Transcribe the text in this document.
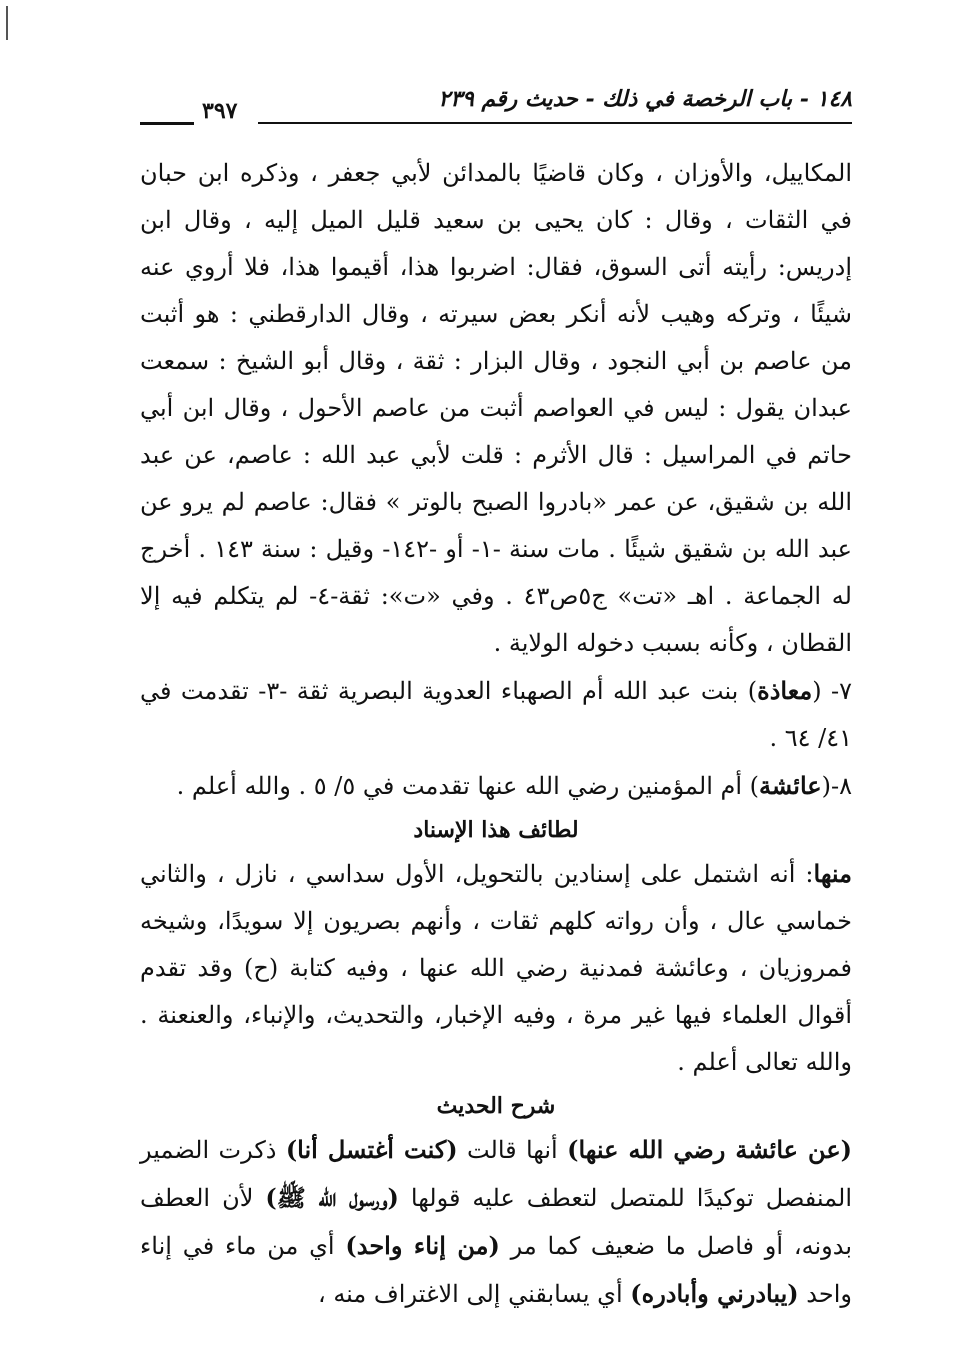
١٤٨ - باب الرخصة في ذلك - حديث رقم ٢٣٩
٣٩٧

المكاييل، والأوزان ، وكان قاضيًا بالمدائن لأبي جعفر ، وذكره ابن حبان في الثقات ، وقال : كان يحيى بن سعيد قليل الميل إليه ، وقال ابن إدريس: رأيته أتى السوق، فقال: اضربوا هذا، أقيموا هذا، فلا أروي عنه شيئًا ، وتركه وهيب لأنه أنكر بعض سيرته ، وقال الدارقطني : هو أثبت من عاصم بن أبي النجود ، وقال البزار : ثقة ، وقال أبو الشيخ : سمعت عبدان يقول : ليس في العواصم أثبت من عاصم الأحول ، وقال ابن أبي حاتم في المراسيل : قال الأثرم : قلت لأبي عبد الله : عاصم، عن عبد الله بن شقيق، عن عمر «بادروا الصبح بالوتر » فقال: عاصم لم يرو عن عبد الله بن شقيق شيئًا . مات سنة -١- أو -١٤٢- وقيل : سنة ١٤٣ . أخرج له الجماعة . اهـ «تت» ج٥ص٤٣ . وفي «ت»: ثقة-٤- لم يتكلم فيه إلا القطان ، وكأنه بسبب دخوله الولاية .

٧- (معاذة) بنت عبد الله أم الصهباء العدوية البصرية ثقة -٣- تقدمت في ٤١/ ٦٤ .

٨-(عائشة) أم المؤمنين رضي الله عنها تقدمت في ٥/ ٥ . والله أعلم .

لطائف هذا الإسناد

منها: أنه اشتمل على إسنادين بالتحويل، الأول سداسي ، نازل ، والثاني خماسي عال ، وأن رواته كلهم ثقات ، وأنهم بصريون إلا سويدًا، وشيخه فمروزيان ، وعائشة فمدنية رضي الله عنها ، وفيه كتابة (ح) وقد تقدم أقوال العلماء فيها غير مرة ، وفيه الإخبار، والتحديث، والإنباء، والعنعنة . والله تعالى أعلم .

شرح الحديث

(عن عائشة رضي الله عنها) أنها قالت (كنت أغتسل أنا) ذكرت الضمير المنفصل توكيدًا للمتصل لتعطف عليه قولها (ورسول الله ﷺ) لأن العطف بدونه، أو فاصل ما ضعيف كما مر (من إناء واحد) أي من ماء في إناء واحد (يبادرني وأبادره) أي يسابقني إلى الاغتراف منه ،
